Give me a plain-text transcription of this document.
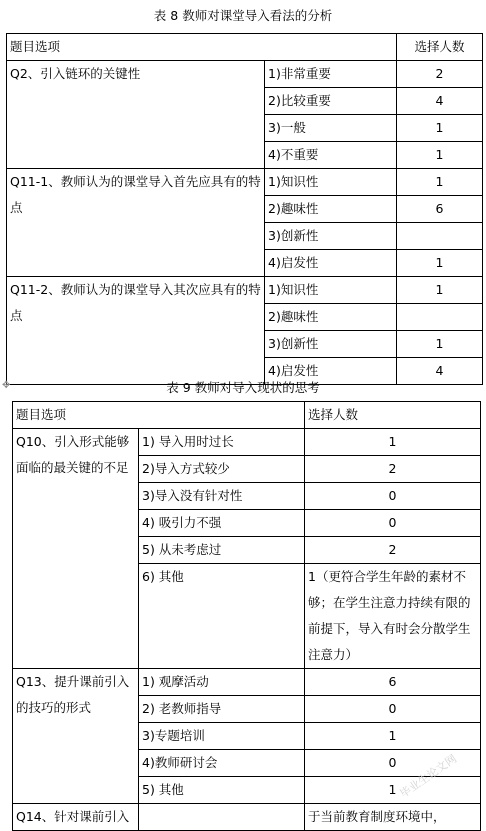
表 8 教师对课堂导入看法的分析
题目选项		选择人数
Q2、引入链环的关键性	1)非常重要	2
	2)比较重要	4
	3)一般	1
	4)不重要	1
Q11-1、教师认为的课堂导入首先应具有的特点	1)知识性	1
	2)趣味性	6
	3)创新性	
	4)启发性	1
Q11-2、教师认为的课堂导入其次应具有的特点	1)知识性	1
	2)趣味性	
	3)创新性	1
	4)启发性	4
✥	表 9 教师对导入现状的思考
题目选项		选择人数
Q10、引入形式能够面临的最关键的不足	1) 导入用时过长	1
	2)导入方式较少	2
	3)导入没有针对性	0
	4) 吸引力不强	0
	5) 从未考虑过	2
	6) 其他	1（更符合学生年龄的素材不够；在学生注意力持续有限的前提下，导入有时会分散学生注意力）
Q13、提升课前引入的技巧的形式	1) 观摩活动	6
	2) 老教师指导	0
	3)专题培训	1
	4)教师研讨会	0
	5) 其他	1
Q14、针对课前引入		于当前教育制度环境中，
毕业生论文网
